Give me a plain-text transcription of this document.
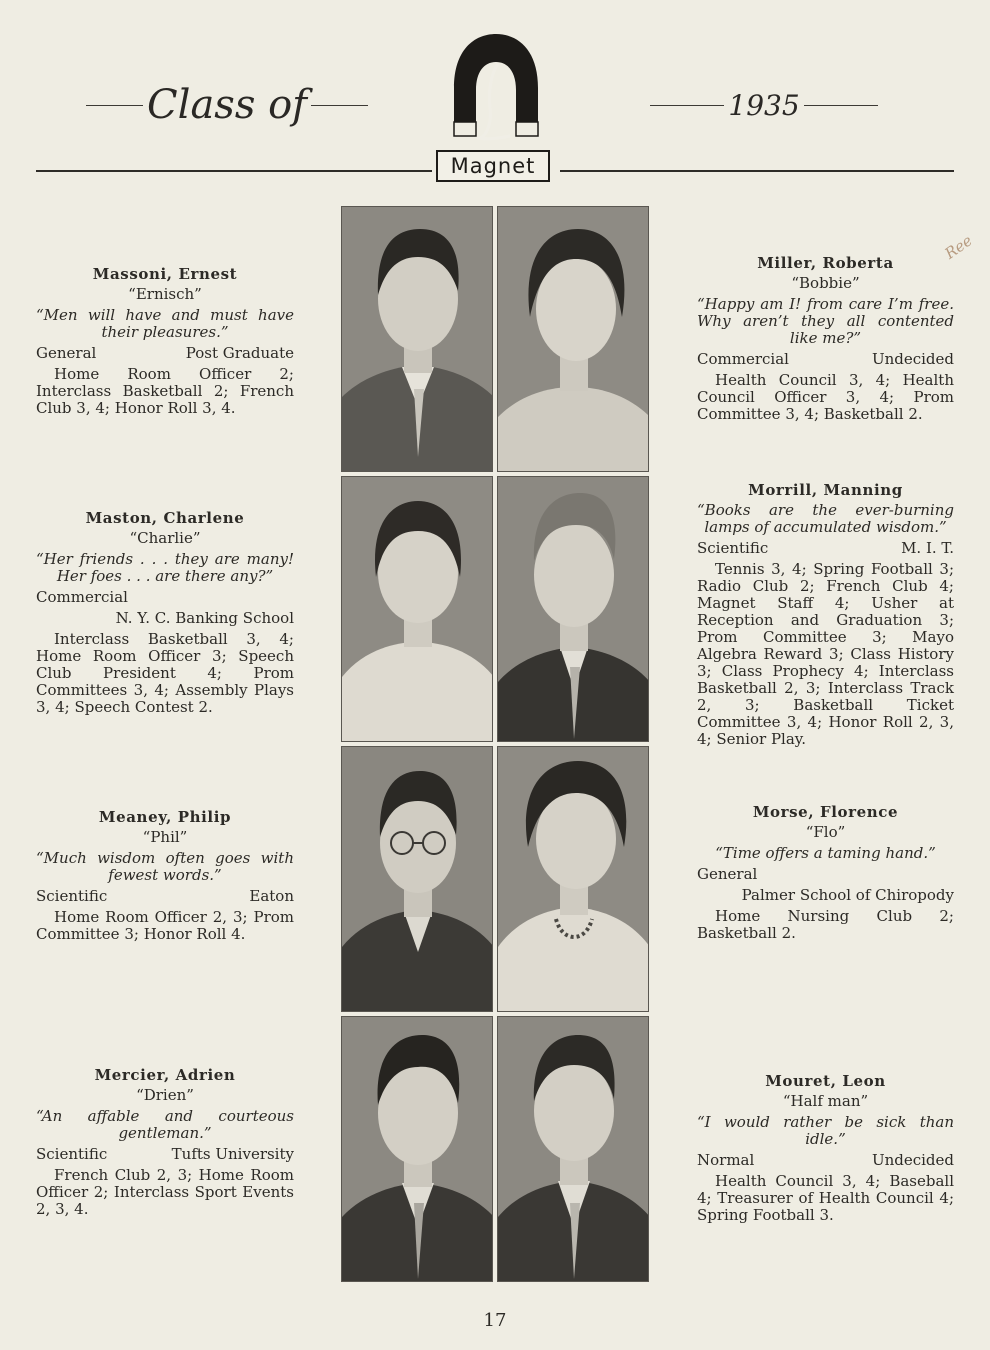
Class of	1935
Magnet
Ree
Massoni, Ernest
“Ernisch”
“Men will have and must have their pleasures.”
General	Post Graduate
Home Room Officer 2; Interclass Basketball 2; French Club 3, 4; Honor Roll 3, 4.
Maston, Charlene
“Charlie”
“Her friends . . . they are many! Her foes . . . are there any?”
Commercial
N. Y. C. Banking School
Interclass Basketball 3, 4; Home Room Officer 3; Speech Club President 4; Prom Committees 3, 4; Assembly Plays 3, 4; Speech Contest 2.
Meaney, Philip
“Phil”
“Much wisdom often goes with fewest words.”
Scientific	Eaton
Home Room Officer 2, 3; Prom Committee 3; Honor Roll 4.
Mercier, Adrien
“Drien”
“An affable and courteous gentleman.”
Scientific	Tufts University
French Club 2, 3; Home Room Officer 2; Interclass Sport Events 2, 3, 4.
Miller, Roberta
“Bobbie”
“Happy am I! from care I’m free. Why aren’t they all contented like me?”
Commercial	Undecided
Health Council 3, 4; Health Council Officer 3, 4; Prom Committee 3, 4; Basketball 2.
Morrill, Manning
“Books are the ever-burning lamps of accumulated wisdom.”
Scientific	M. I. T.
Tennis 3, 4; Spring Football 3; Radio Club 2; French Club 4; Magnet Staff 4; Usher at Reception and Graduation 3; Prom Committee 3; Mayo Algebra Reward 3; Class History 3; Class Prophecy 4; Interclass Basketball 2, 3; Interclass Track 2, 3; Basketball Ticket Committee 3, 4; Honor Roll 2, 3, 4; Senior Play.
Morse, Florence
“Flo”
“Time offers a taming hand.”
General
Palmer School of Chiropody
Home Nursing Club 2; Basketball 2.
Mouret, Leon
“Half man”
“I would rather be sick than idle.”
Normal	Undecided
Health Council 3, 4; Baseball 4; Treasurer of Health Council 4; Spring Football 3.
17
